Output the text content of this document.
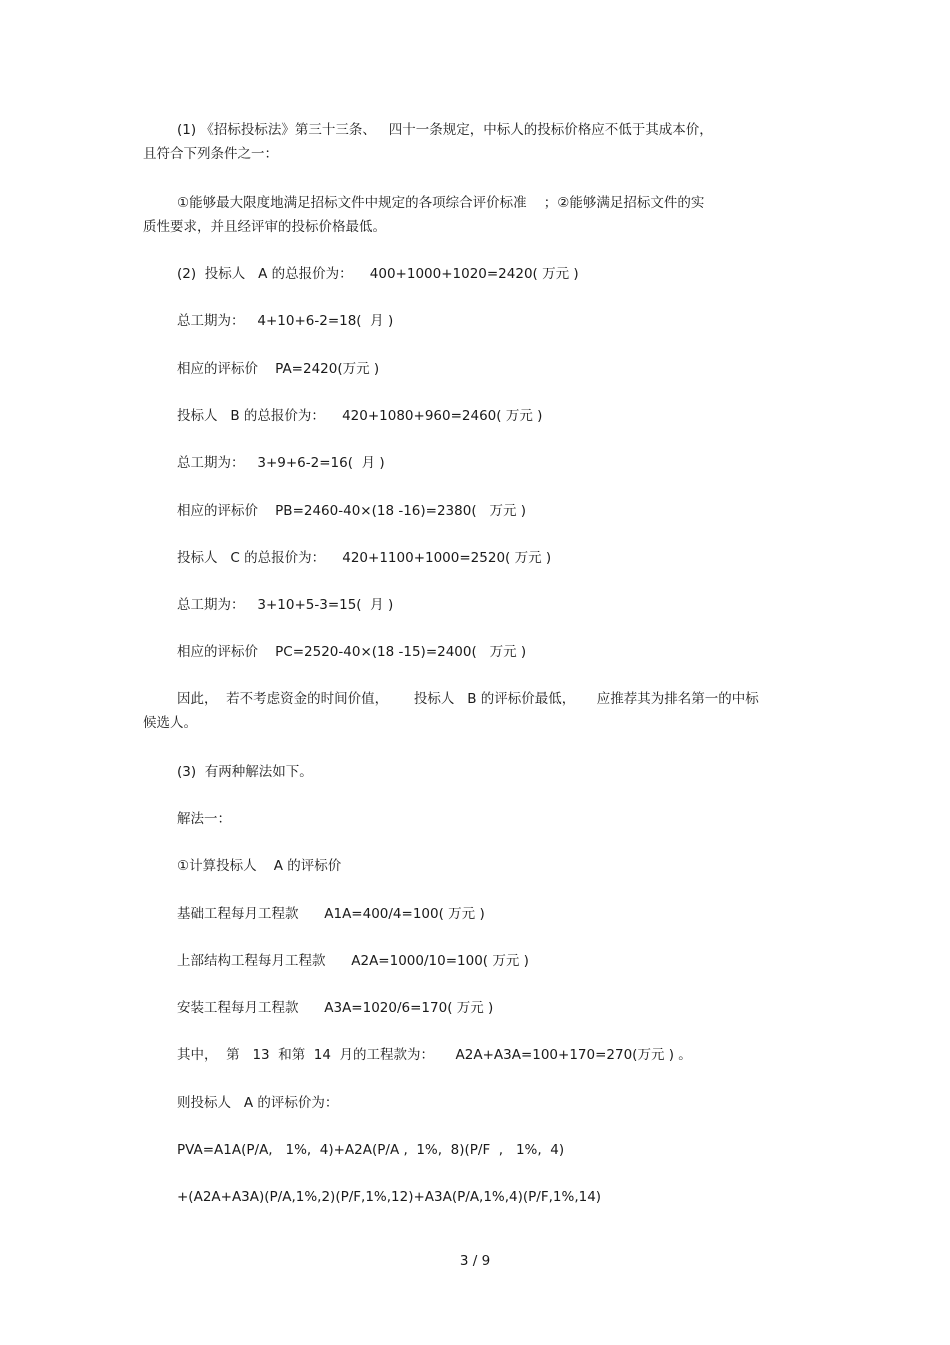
(1) 《招标投标法》第三十三条、   四十一条规定，中标人的投标价格应不低于其成本价，
且符合下列条件之一：
①能够最大限度地满足招标文件中规定的各项综合评价标准    ；②能够满足招标文件的实
质性要求，并且经评审的投标价格最低。
(2)  投标人   A 的总报价为：    400+1000+1020=2420( 万元 )
总工期为：   4+10+6-2=18(  月 )
相应的评标价    PA=2420(万元 )
投标人   B 的总报价为：    420+1080+960=2460( 万元 )
总工期为：   3+9+6-2=16(  月 )
相应的评标价    PB=2460-40×(18 -16)=2380(   万元 )
投标人   C 的总报价为：    420+1100+1000=2520( 万元 )
总工期为：   3+10+5-3=15(  月 )
相应的评标价    PC=2520-40×(18 -15)=2400(   万元 )
因此，  若不考虑资金的时间价值，      投标人   B 的评标价最低，     应推荐其为排名第一的中标
候选人。
(3)  有两种解法如下。
解法一：
①计算投标人    A 的评标价
基础工程每月工程款      A1A=400/4=100( 万元 )
上部结构工程每月工程款      A2A=1000/10=100( 万元 )
安装工程每月工程款      A3A=1020/6=170( 万元 )
其中，  第   13  和第  14  月的工程款为：     A2A+A3A=100+170=270(万元 ) 。
则投标人   A 的评标价为：
PVA=A1A(P/A,   1%,  4)+A2A(P/A ,  1%,  8)(P/F  ,   1%,  4)
+(A2A+A3A)(P/A,1%,2)(P/F,1%,12)+A3A(P/A,1%,4)(P/F,1%,14)
3 / 9
